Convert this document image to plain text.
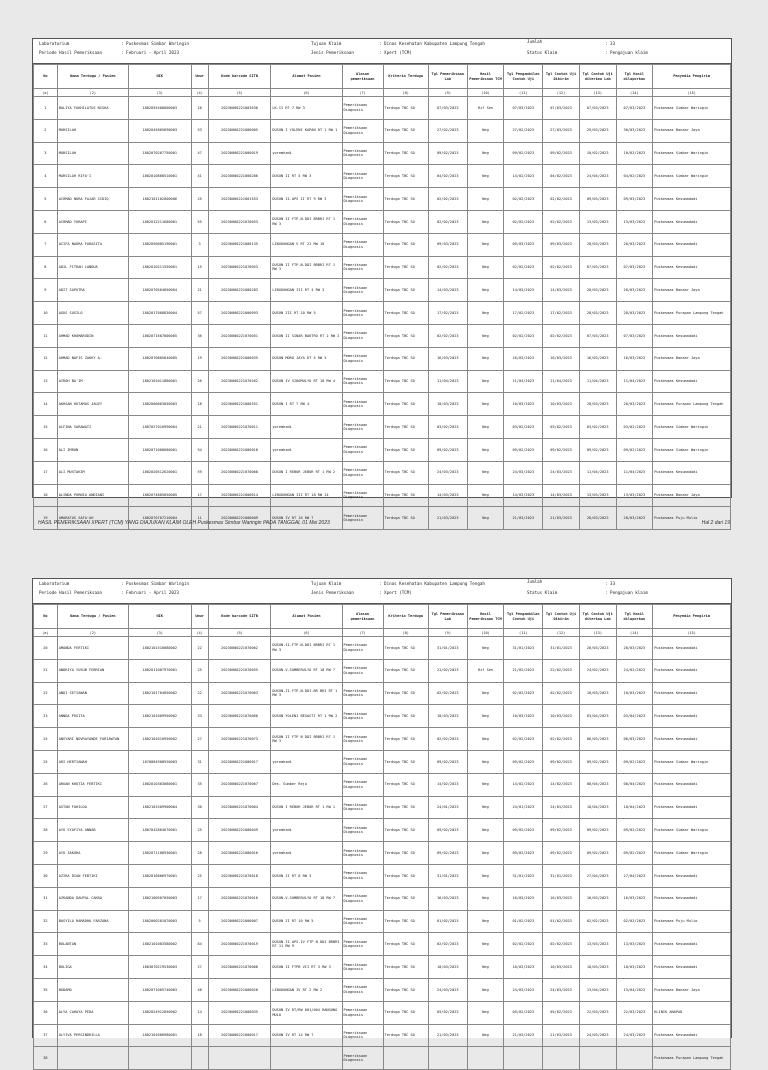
Laboratorium	: Puskesmas Simbar Waringin
Periode Hasil Pemeriksaan	: Februari - April 2023
Tujuan Klaim	: Dinas Kesehatan Kabupaten Lampung Tengah
Jenis Pemeriksaan	: Xpert (TCM)
Jumlah	: 33
Status Klaim	: Pengajuan klaim
No	Nama Terduga / Pasien	NIK	Umur	Kode barcode SITB	Alamat Pasien	Alasan pemeriksaan	Kriteria Terduga	Tgl Pemeriksaan Lab	Hasil Pemeriksaan TCM	Tgl Pengambilan Contoh Uji	Tgl Contoh Uji Dikirim	Tgl Contoh Uji diterima Lab	Tgl Hasil dilaporkan	Penyedia Pengirim
(a)	(2)	(3)	(4)	(5)	(6)	(7)	(8)	(9)	(10)	(11)	(12)	(13)	(14)	(15)
1	BALIYA FAKHILATUS NISHA	1802055408000003	16	20230000221003030	LK.II RT 7 RW 3	Pemeriksaan Diagnosis	Terduga TBC SO	07/03/2023	Rif Sen	07/03/2023	07/03/2023	07/03/2023	07/03/2023	Puskesmas Simbar Waringin
2	MARSILAH	1802045805690003	53	20230000221000005	DUSUN I YOLENI KAPAN RT 1 RW 1	Pemeriksaan Diagnosis	Terduga TBC SO	27/02/2023	Neg	27/02/2023	27/03/2023	29/03/2023	30/03/2023	Puskesmas Bandar Jaya
3	MARSILAH	1802070207750001	47	20230000221000019	yoremhadi	Pemeriksaan Diagnosis	Terduga TBC SO	09/02/2023	Neg	09/02/2023	09/02/2023	10/02/2023	10/02/2023	Puskesmas Simbar Waringin
4	MARSILAH RIFA'I	1802010808510001	41	20230000221000286	DUSUN II RT 5 RW 3	Pemeriksaan Diagnosis	Terduga TBC SO	04/02/2023	Neg	14/02/2023	04/02/2023	24/04/2023	04/02/2023	Puskesmas Simbar Waringin
5	ACHMAD NURA FAJAR SIDIQ	1802101102000006	25	20230000221001553	DUSUN II.APS II RT 9 RW 3	Pemeriksaan Diagnosis	Terduga TBC SO	02/02/2023	Neg	02/02/2023	02/02/2023	09/03/2023	09/03/2023	Puskesmas Kesumadadi
6	ACHMAD YURAPI	1802012211680001	55	20230000221070053	DUSUN II FTP.N.DDI BRBRI RT 1 RW 3	Pemeriksaan Diagnosis	Terduga TBC SO	02/02/2023	Neg	02/02/2023	02/02/2023	13/03/2023	13/03/2023	Puskesmas Kesumadadi
7	ACIFA NAURA FARASITA	1802050805190001	3	20230000221000135	LINGKUNGAN V RT 21 RW 10	Pemeriksaan Diagnosis	Terduga TBC SO	09/03/2023	Neg	09/03/2023	09/03/2023	20/03/2023	20/03/2023	Puskesmas Kesumadadi
8	ADIL FITRAH LANDUA	1802010211550001	15	20230000221070053	DUSUN II FTP.N.DDI BRBRI RT 1 RW 3	Pemeriksaan Diagnosis	Terduga TBC SO	02/02/2023	Neg	02/02/2023	02/02/2023	07/03/2023	07/03/2023	Puskesmas Kesumadadi
9	ADIT SAPUTRA	1802070504050004	21	20230000221000283	LINGKUNGAN III RT 4 RW 3	Pemeriksaan Diagnosis	Terduga TBC SO	14/03/2023	Neg	14/03/2023	14/03/2023	20/03/2023	20/03/2023	Puskesmas Bandar Jaya
10	AGUS SUSILO	1802017008830004	57	20230000221000093	DUSUN III RT 10 RW 5	Pemeriksaan Diagnosis	Terduga TBC SO	17/02/2023	Neg	17/02/2023	17/02/2023	28/03/2023	28/03/2023	Puskesmas Purapan Lampung Tengah
11	AHMAD KHOMARUDIN	1802071607800005	36	20230000221070051	DUSUN II SINAR BAKTRO RT 2 RW 2	Pemeriksaan Diagnosis	Terduga TBC SO	02/02/2023	Neg	02/02/2023	02/02/2023	07/03/2023	07/03/2023	Puskesmas Kesumadadi
12	AHMAD NAFIS ZAKKY A.	1802070805840005	19	20230000221000035	DUSUN MORO JAYA RT 5 RW 3	Pemeriksaan Diagnosis	Terduga TBC SO	16/03/2023	Neg	16/03/2023	16/03/2023	16/03/2023	16/03/2023	Puskesmas Bandar Jaya
13	AIROH BA'IM	1802101011880001	26	20230000221070262	DUSUN IV SIDOMULYO RT 10 RW 4	Pemeriksaan Diagnosis	Terduga TBC SO	11/04/2023	Neg	11/04/2023	11/04/2023	11/04/2023	11/04/2023	Puskesmas Kesumadadi
14	AKHSAN HUTAMAS JAUZY	1802000803050003	18	20230000221000351	DUSUN I RT 7 RW 4	Pemeriksaan Diagnosis	Terduga TBC SO	10/03/2023	Neg	10/03/2023	10/03/2023	20/03/2023	20/03/2023	Puskesmas Purapan Lampung Tengah
15	ALFINA SARAWATI	1807027010990004	21	20230000221070011	yoremhadi	Pemeriksaan Diagnosis	Terduga TBC SO	03/02/2023	Neg	03/02/2023	03/02/2023	03/02/2023	03/02/2023	Puskesmas Simbar Waringin
16	ALI IMRON	1802071008680001	54	20230000221000018	yoremhadi	Pemeriksaan Diagnosis	Terduga TBC SO	09/02/2023	Neg	09/02/2023	09/02/2023	09/02/2023	09/02/2023	Puskesmas Simbar Waringin
17	ALI MUSTAKIM	1802020512620001	59	20230000221070068	DUSUN I REBUR JEBOR RT 1 RW 2	Pemeriksaan Diagnosis	Terduga TBC SO	24/03/2023	Neg	24/03/2023	24/03/2023	11/04/2023	11/04/2023	Puskesmas Kesumadadi
18	ALINDA PURNIA ANDIANI	1802074805050005	17	20230000221000614	LINGKUNGAN III RT 18 RW 14	Pemeriksaan Diagnosis	Terduga TBC SO	14/03/2023	Neg	14/03/2023	14/03/2023	13/03/2023	13/03/2023	Puskesmas Bandar Jaya
19	AMARATUS SAFA'AH	1802070707210004	11	20230000221000609	DUSUN IV RT 16 RW 7	Pemeriksaan Diagnosis	Terduga TBC SO	21/03/2023	Neg	21/03/2023	21/03/2023	28/03/2023	28/03/2023	Puskesmas Puju Mulio
HASIL PEMERIKSAAN XPERT (TCM) YANG DIAJUKAN KLAIM OLEH Puskesmas Simbar Waringin PADA TANGGAL 01 Mei 2023	Hal 2 dari 19
Laboratorium	: Puskesmas Simbar Waringin
Periode Hasil Pemeriksaan	: Februari - April 2023
Tujuan Klaim	: Dinas Kesehatan Kabupaten Lampung Tengah
Jenis Pemeriksaan	: Xpert (TCM)
Jumlah	: 33
Status Klaim	: Pengajuan klaim
No	Nama Terduga / Pasien	NIK	Umur	Kode barcode SITB	Alamat Pasien	Alasan pemeriksaan	Kriteria Terduga	Tgl Pemeriksaan Lab	Hasil Pemeriksaan TCM	Tgl Pengambilan Contoh Uji	Tgl Contoh Uji Dikirim	Tgl Contoh Uji diterima Lab	Tgl Hasil dilaporkan	Penyedia Pengirim
(a)	(2)	(3)	(4)	(5)	(6)	(7)	(8)	(9)	(10)	(11)	(12)	(13)	(14)	(15)
20	AMANDA FERTIKI	1802101510080002	22	20230000221070062	DUSUN.II.FTP.N.DDI BRBRI RT 1 RW 3	Pemeriksaan Diagnosis	Terduga TBC SO	31/01/2023	Neg	31/01/2023	31/01/2023	20/03/2023	20/03/2023	Puskesmas Kesumadadi
21	ANDRIYA YUSUB FEBRIAN	1802011007970001	25	20230000221070055	DUSUN.V.SUMBERULYO RT 18 RW 7	Pemeriksaan Diagnosis	Terduga TBC SO	21/02/2023	Rif Sen	21/02/2023	22/02/2023	24/02/2023	24/02/2023	Puskesmas Kesumadadi
22	ANDI SETIAWAN	1802101704850002	22	20230000221070063	DUSUN.II.FTP.N.DDI.BR BRI RT 1 RW 3	Pemeriksaan Diagnosis	Terduga TBC SO	02/02/2023	Neg	02/02/2023	02/02/2023	10/03/2023	10/03/2023	Puskesmas Kesumadadi
23	ANNDA PUSITA	1802101009950002	33	20230000221070060	DUSUN YOLENI BEGASTI RT 1 RW 2	Pemeriksaan Diagnosis	Terduga TBC SO	10/03/2023	Neg	10/03/2023	10/03/2023	03/04/2023	03/04/2023	Puskesmas Kesumadadi
24	ANSYARI NOVRAYANDE FARIAWTAN	1802101610950002	27	20230000221070073	DUSUN II FTP N DDI BRBRI RT 1 RW 3	Pemeriksaan Diagnosis	Terduga TBC SO	02/02/2023	Neg	02/02/2023	02/02/2023	06/03/2023	06/03/2023	Puskesmas Kesumadadi
25	ARI HERTIANAH	1870084908920003	31	20230000221000017	yoremhadi	Pemeriksaan Diagnosis	Terduga TBC SO	09/02/2023	Neg	09/02/2023	09/02/2023	09/02/2023	09/02/2023	Puskesmas Simbar Waringin
26	ARUAN KHOTIA FEBTIKI	1802010303080001	35	20230000221070067	Des. Sumber Rejo	Pemeriksaan Diagnosis	Terduga TBC SO	14/02/2023	Neg	14/02/2023	14/02/2023	08/04/2023	08/04/2023	Puskesmas Kesumadadi
27	ASTON FAHILDA	1802101509900004	30	20230000221070064	DUSUN I REBUR JEBOR RT 1 RW 1	Pemeriksaan Diagnosis	Terduga TBC SO	24/01/2023	Neg	24/01/2023	24/01/2023	10/04/2023	10/04/2023	Puskesmas Kesumadadi
28	AYU SYAFIYA ANNAB	1807042804070001	25	20230000221000049	yoremhadi	Pemeriksaan Diagnosis	Terduga TBC SO	09/02/2023	Neg	09/02/2023	09/02/2023	09/02/2023	09/02/2023	Puskesmas Simbar Waringin
29	AYU ZAKURA	1802071108930001	28	20230000221000016	yoremhadi	Pemeriksaan Diagnosis	Terduga TBC SO	09/02/2023	Neg	09/02/2023	09/02/2023	09/02/2023	09/02/2023	Puskesmas Simbar Waringin
30	AZIRA DIAN FEBTIKI	1802016806970001	25	20230000221070018	DUSUN II RT 8 RW 3	Pemeriksaan Diagnosis	Terduga TBC SO	31/01/2023	Neg	31/01/2023	31/01/2023	27/04/2023	27/04/2023	Puskesmas Kesumadadi
31	AZKANDA DAUPAL CAKRA	1802100507050003	17	20230000221070010	DUSUN.V.SUMBERULYO RT 18 RW 7	Pemeriksaan Diagnosis	Terduga TBC SO	16/03/2023	Neg	16/03/2023	16/03/2023	16/03/2023	16/03/2023	Puskesmas Kesumadadi
32	BASYILA RAMADHA FARZANA	1802060201070003	5	20230000221000007	DUSUN II RT 10 RW 5	Pemeriksaan Diagnosis	Terduga TBC SO	01/02/2023	Neg	01/02/2023	01/02/2023	02/02/2023	02/02/2023	Puskesmas Puju Mulio
33	BOLANTAN	1802101003580002	64	20230000221070019	DUSUN II.APS.IV FTP N DDI BRBRI RT 11 RW 9	Pemeriksaan Diagnosis	Terduga TBC SO	02/02/2023	Neg	02/02/2023	02/02/2023	13/03/2023	13/03/2023	Puskesmas Kesumadadi
34	BOLIGA	1803070219530003	27	20230000221070068	DUSUN II FTPB VII RT 3 RW 3	Pemeriksaan Diagnosis	Terduga TBC SO	10/03/2023	Neg	10/03/2023	10/03/2023	10/03/2023	10/03/2023	Puskesmas Kesumadadi
35	BUDAMO	1802071005740003	48	20230000221000028	LINGKUNGAN IV RT 2 RW 2	Pemeriksaan Diagnosis	Terduga TBC SO	24/03/2023	Neg	24/03/2023	24/03/2023	13/04/2023	13/04/2023	Puskesmas Bandar Jaya
36	ALYA CAHAYA PEDA	1802024912050002	14	20230000221000035	DUSUN IV RT/RW 001/004 RANGUNG MULO	Pemeriksaan Diagnosis	Terduga TBC SO	05/02/2023	Neg	05/02/2023	05/02/2023	22/03/2023	22/03/2023	KLINIK ANAPAD
37	ALYIVA PERSINDRILLA	1802101608980001	18	20230000221000017	DUSUN IV RT 14 RW 7	Pemeriksaan Diagnosis	Terduga TBC SO	21/03/2023	Neg	21/03/2023	21/03/2023	24/03/2023	24/03/2023	Puskesmas Kesumadadi
38						Pemeriksaan Diagnosis								Puskesmas Purapan Lampung Tengah
